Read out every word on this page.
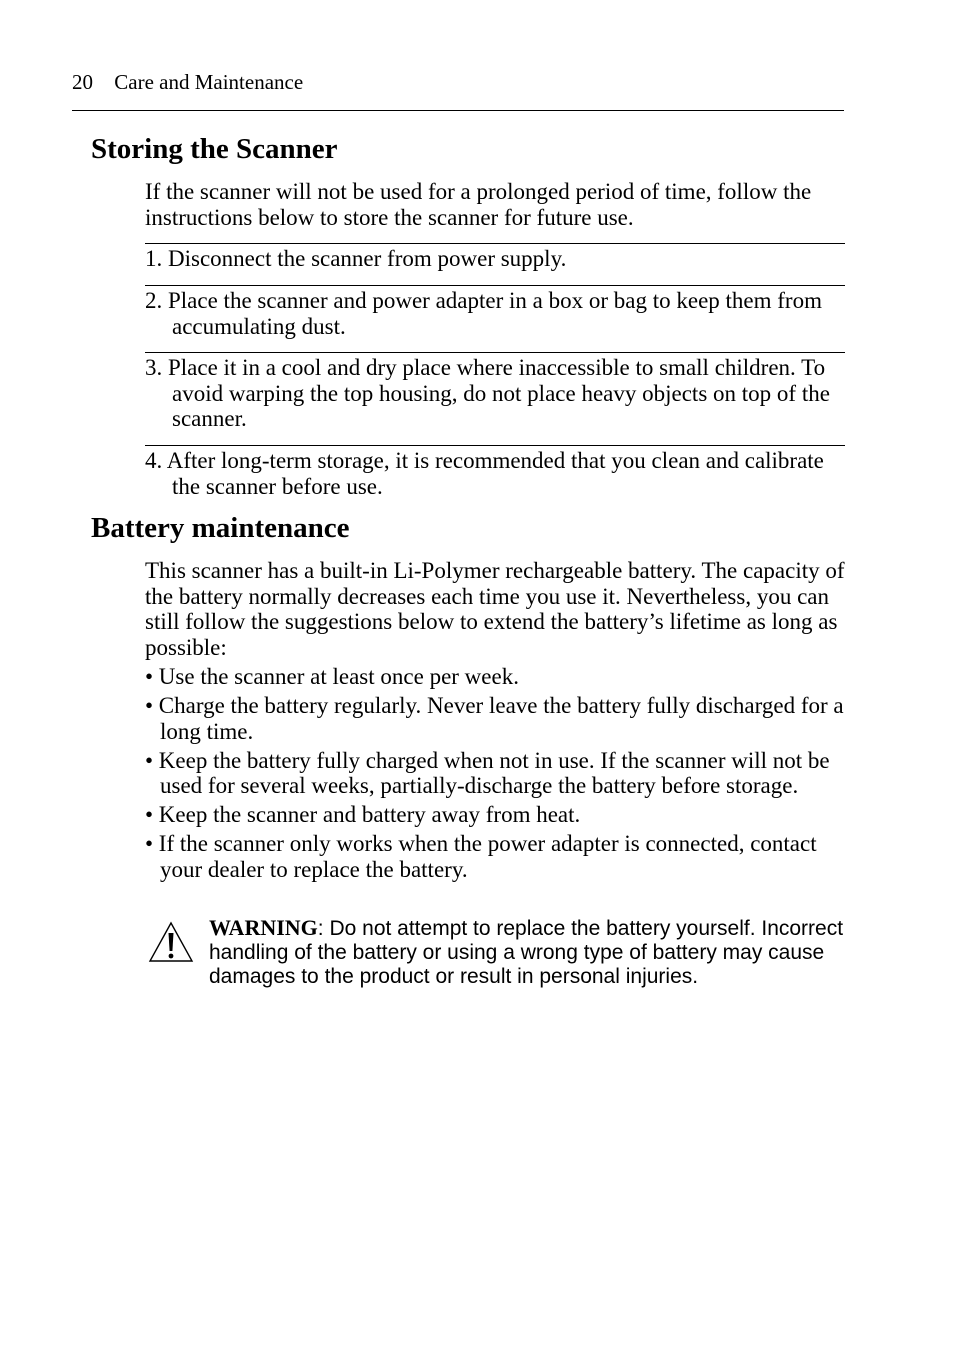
20 Care and Maintenance
Storing the Scanner

If the scanner will not be used for a prolonged period of time, follow the instructions below to store the scanner for future use.

1. Disconnect the scanner from power supply.
2. Place the scanner and power adapter in a box or bag to keep them from accumulating dust.
3. Place it in a cool and dry place where inaccessible to small children. To avoid warping the top housing, do not place heavy objects on top of the scanner.
4. After long-term storage, it is recommended that you clean and calibrate the scanner before use.
Battery maintenance

This scanner has a built-in Li-Polymer rechargeable battery. The capacity of the battery normally decreases each time you use it. Nevertheless, you can still follow the suggestions below to extend the battery’s lifetime as long as possible:

• Use the scanner at least once per week.
• Charge the battery regularly. Never leave the battery fully discharged for a long time.
• Keep the battery fully charged when not in use. If the scanner will not be used for several weeks, partially-discharge the battery before storage.
• Keep the scanner and battery away from heat.
• If the scanner only works when the power adapter is connected, contact your dealer to replace the battery.
WARNING: Do not attempt to replace the battery yourself. Incorrect handling of the battery or using a wrong type of battery may cause damages to the product or result in personal injuries.
